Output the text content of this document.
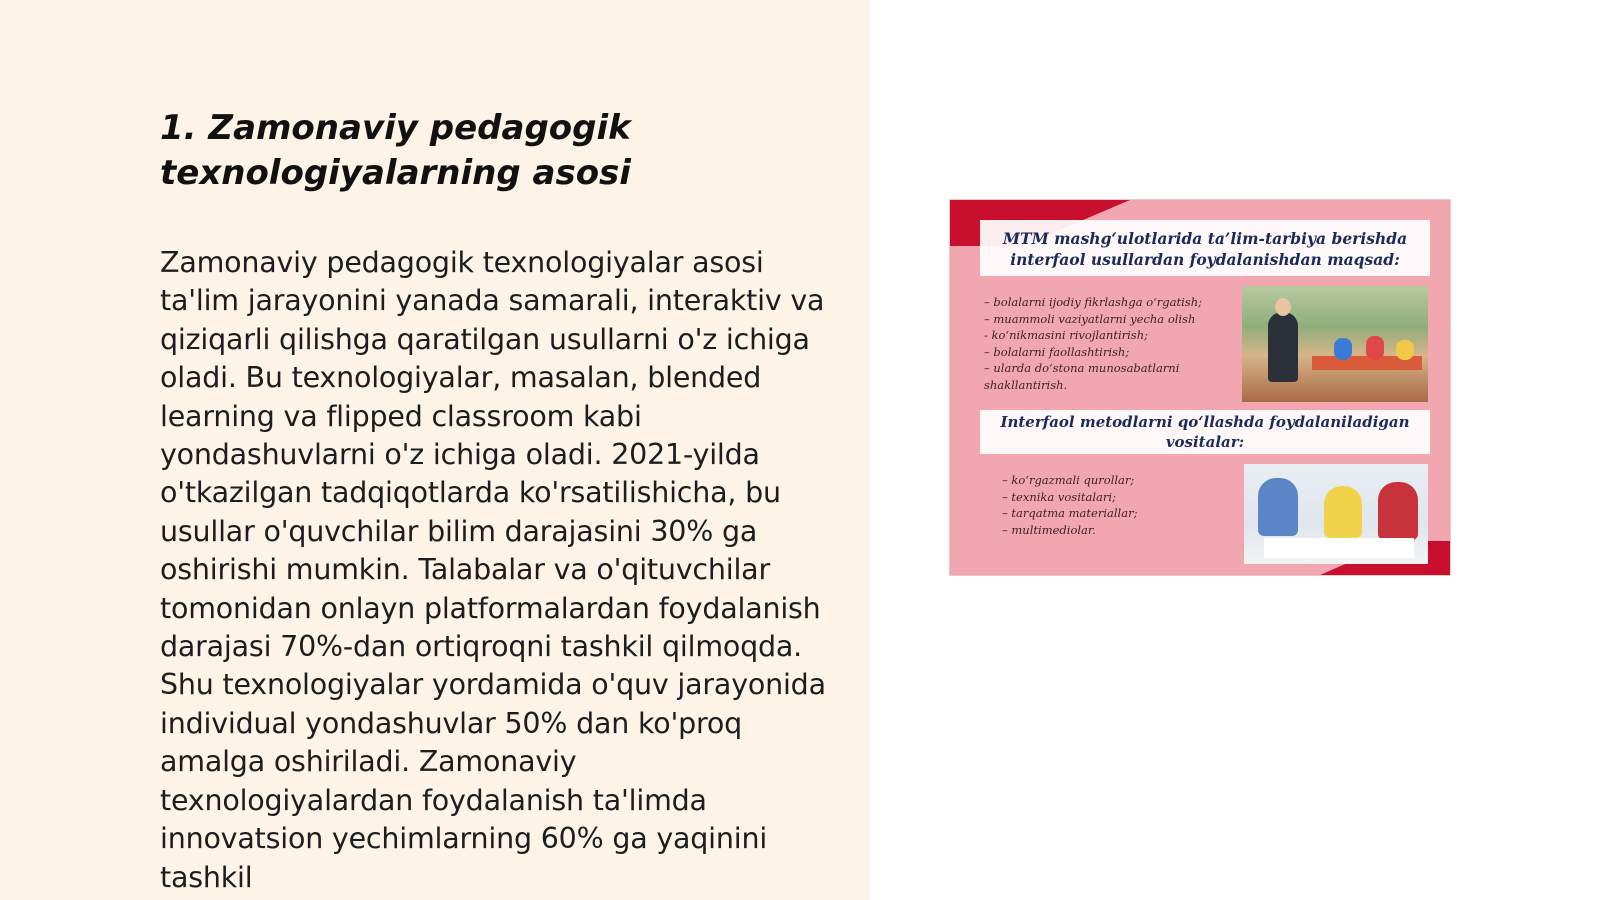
1. Zamonaviy pedagogik texnologiyalarning asosi

Zamonaviy pedagogik texnologiyalar asosi ta'lim jarayonini yanada samarali, interaktiv va qiziqarli qilishga qaratilgan usullarni o'z ichiga oladi. Bu texnologiyalar, masalan, blended learning va flipped classroom kabi yondashuvlarni o'z ichiga oladi. 2021-yilda o'tkazilgan tadqiqotlarda ko'rsatilishicha, bu usullar o'quvchilar bilim darajasini 30% ga oshirishi mumkin. Talabalar va o'qituvchilar tomonidan onlayn platformalardan foydalanish darajasi 70%-dan ortiqroqni tashkil qilmoqda. Shu texnologiyalar yordamida o'quv jarayonida individual yondashuvlar 50% dan ko'proq amalga oshiriladi. Zamonaviy texnologiyalardan foydalanish ta'limda innovatsion yechimlarning 60% ga yaqinini tashkil

MTM mashg‘ulotlarida ta’lim-tarbiya berishda
interfaol usullardan foydalanishdan maqsad:
– bolalarni ijodiy fikrlashga o‘rgatish;
– muammoli vaziyatlarni yecha olish
- ko‘nikmasini rivojlantirish;
– bolalarni faollashtirish;
– ularda do‘stona munosabatlarni shakllantirish.
Interfaol metodlarni qo‘llashda foydalaniladigan
vositalar:
– ko‘rgazmali qurollar;
– texnika vositalari;
– tarqatma materiallar;
– multimediolar.
